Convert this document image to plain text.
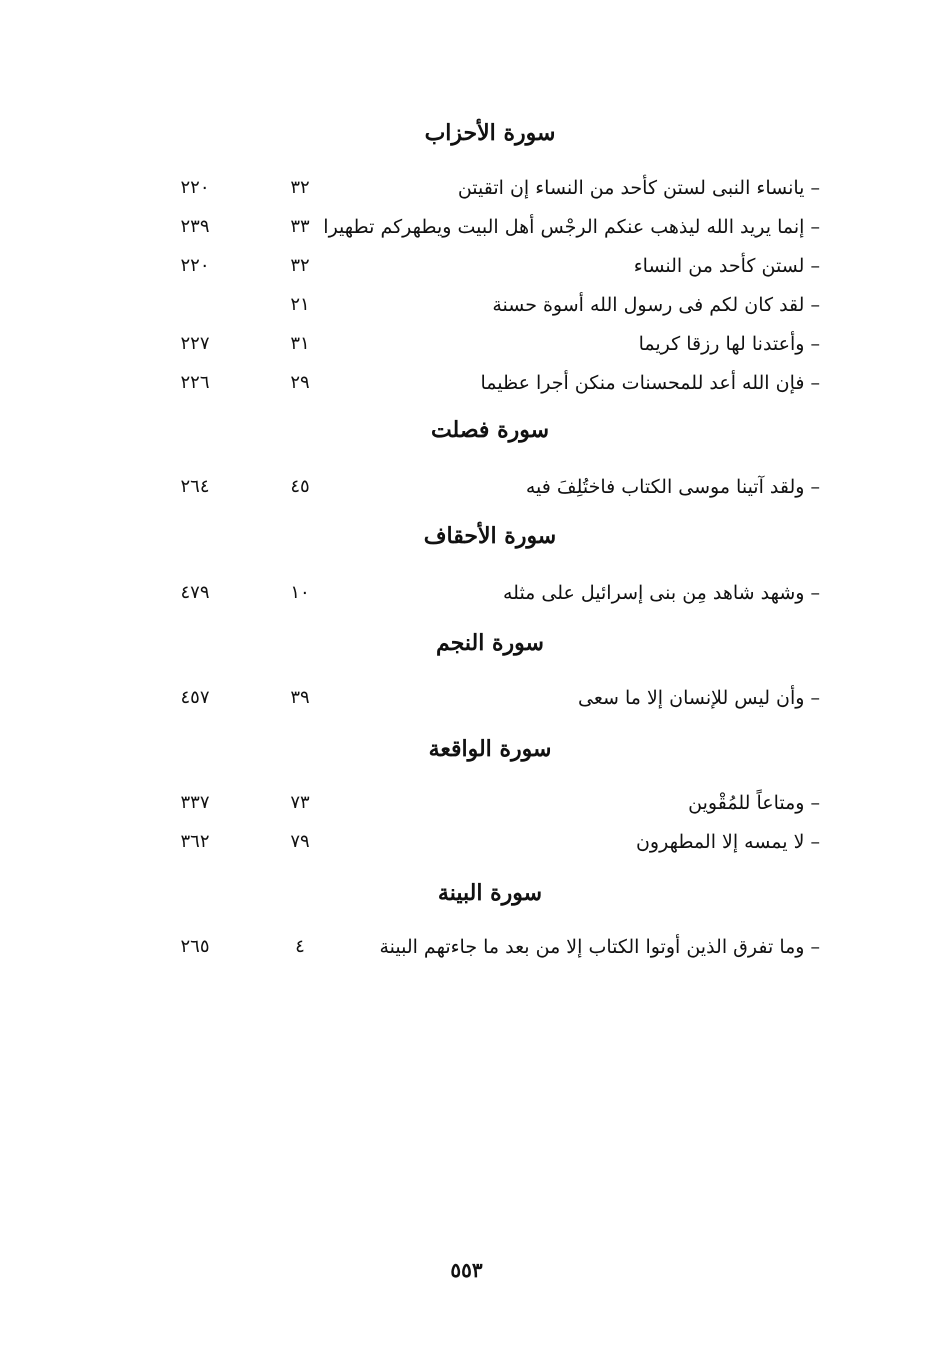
سورة الأحزاب
– يانساء النبى لستن كأحد من النساء إن اتقيتن
٣٢
٢٢٠
– إنما يريد الله ليذهب عنكم الرجْس أهل البيت ويطهركم تطهيرا
٣٣
٢٣٩
– لستن كأحد من النساء
٣٢
٢٢٠
– لقد كان لكم فى رسول الله أسوة حسنة
٢١
– وأعتدنا لها رزقا كريما
٣١
٢٢٧
– فإن الله أعد للمحسنات منكن أجرا عظيما
٢٩
٢٢٦
سورة فصلت
– ولقد آتينا موسى الكتاب فاختُلِفَ فيه
٤٥
٢٦٤
سورة الأحقاف
– وشهد شاهد مِن بنى إسرائيل على مثله
١٠
٤٧٩
سورة النجم
– وأن ليس للإنسان إلا ما سعى
٣٩
٤٥٧
سورة الواقعة
– ومتاعاً للمُقْوين
٧٣
٣٣٧
– لا يمسه إلا المطهرون
٧٩
٣٦٢
سورة البينة
– وما تفرق الذين أوتوا الكتاب إلا من بعد ما جاءتهم البينة
٤
٢٦٥
٥٥٣
